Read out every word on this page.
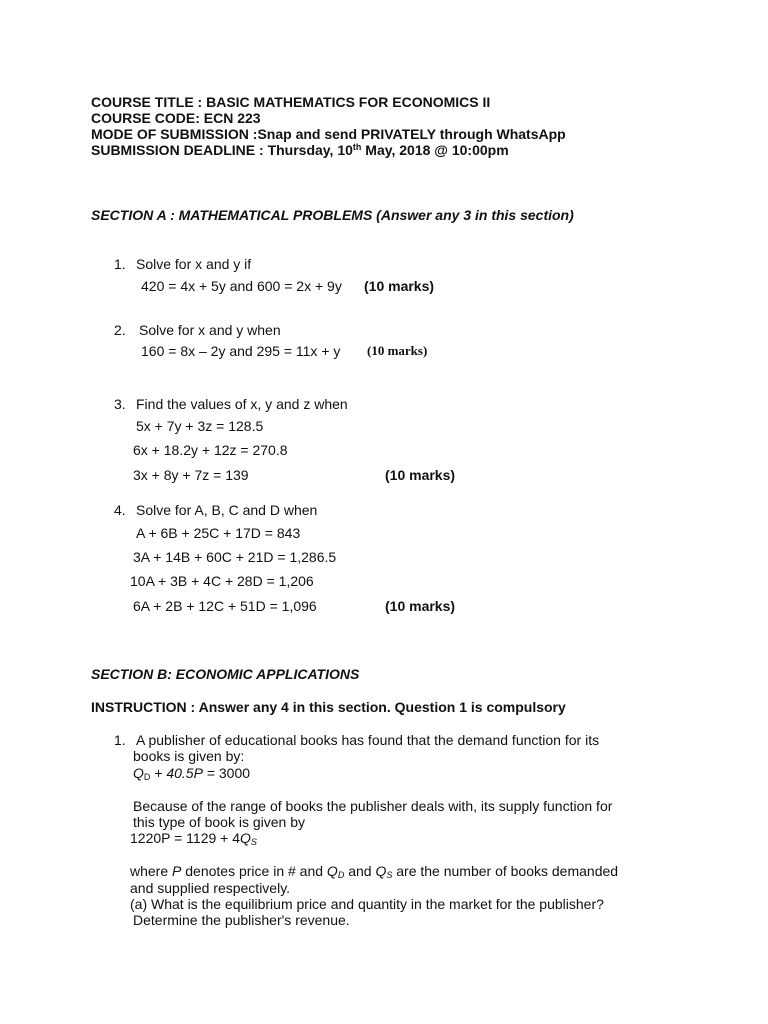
COURSE TITLE : BASIC MATHEMATICS FOR ECONOMICS II
COURSE CODE: ECN 223
MODE OF SUBMISSION :Snap and send PRIVATELY through WhatsApp
SUBMISSION DEADLINE : Thursday, 10th May, 2018 @ 10:00pm
SECTION A : MATHEMATICAL PROBLEMS (Answer any 3 in this section)
1. Solve for x and y if
420 = 4x + 5y and 600 = 2x + 9y (10 marks)
2. Solve for x and y when
160 = 8x – 2y and 295 = 11x + y (10 marks)
3. Find the values of x, y and z when
5x + 7y + 3z = 128.5
6x + 18.2y + 12z = 270.8
3x + 8y + 7z = 139	(10 marks)
4. Solve for A, B, C and D when
A + 6B + 25C + 17D = 843
3A + 14B + 60C + 21D = 1,286.5
10A + 3B + 4C + 28D = 1,206
6A + 2B + 12C + 51D = 1,096	(10 marks)
SECTION B: ECONOMIC APPLICATIONS
INSTRUCTION : Answer any 4 in this section. Question 1 is compulsory
1. A publisher of educational books has found that the demand function for its
books is given by:
$Q_D + 40.5P = 3000$
Because of the range of books the publisher deals with, its supply function for
this type of book is given by
$1220P = 1129 + 4Q_S$
where P denotes price in # and $Q_D$ and $Q_S$ are the number of books demanded
and supplied respectively.
(a) What is the equilibrium price and quantity in the market for the publisher?
Determine the publisher's revenue.
